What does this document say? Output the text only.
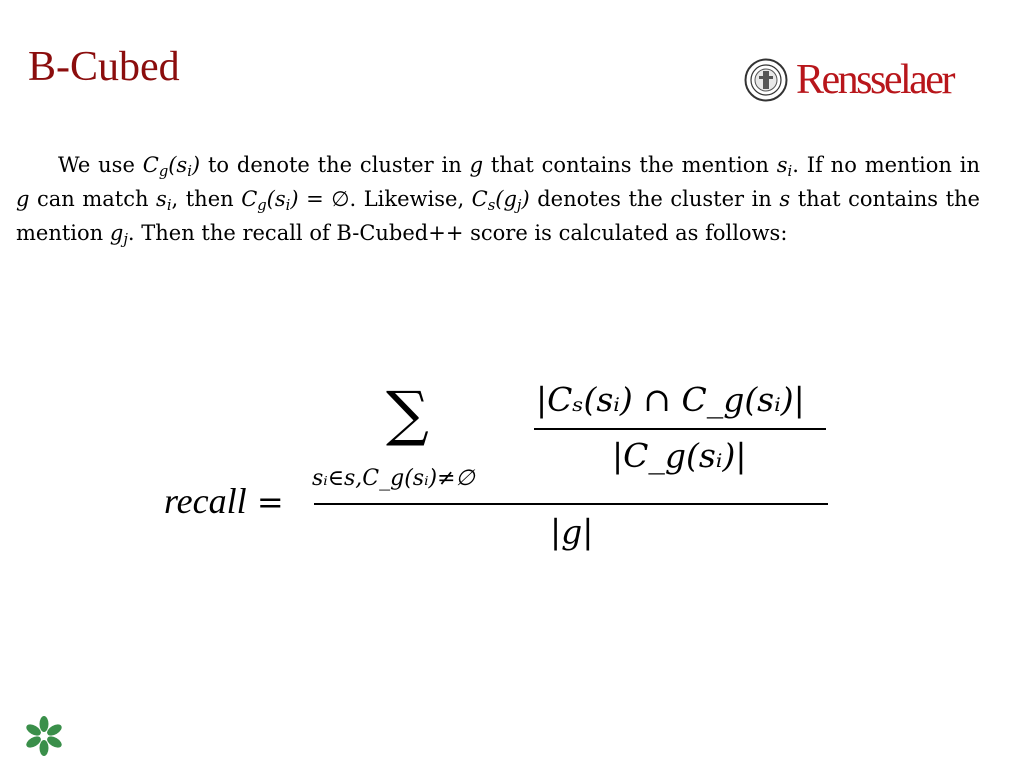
B-Cubed	Rensselaer

We use $C_g(s_i)$ to denote the cluster in g that contains the mention $s_i$. If no mention in g can match $s_i$, then $C_g(s_i)$ = ∅. Likewise, $C_s(g_j)$ denotes the cluster in s that contains the mention $g_j$. Then the recall of B-Cubed++ score is calculated as follows:

recall =
∑
sᵢ∈s,C_g(sᵢ)≠∅
|Cₛ(sᵢ) ∩ C_g(sᵢ)|
|C_g(sᵢ)|
|g|
